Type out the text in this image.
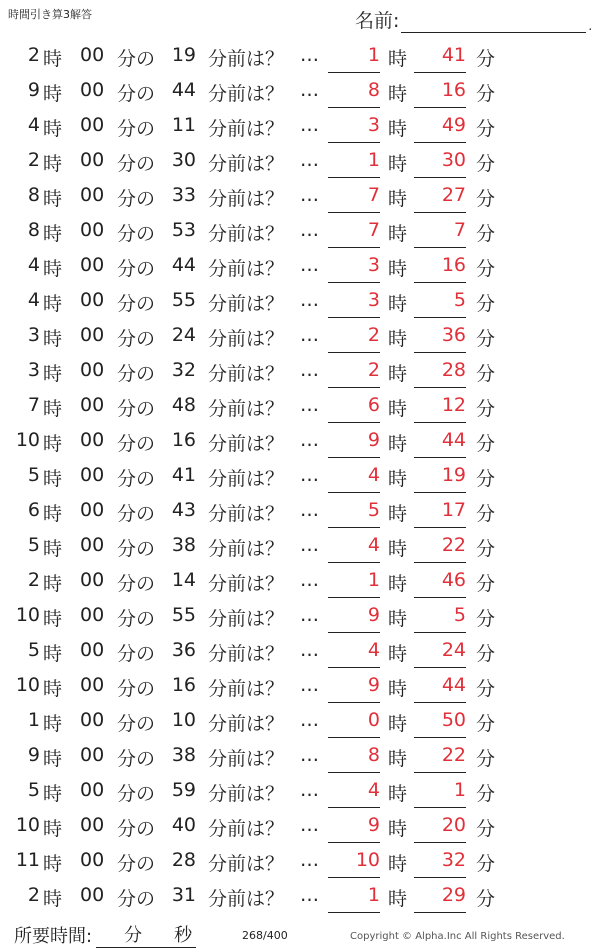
時間引き算3解答	名前:	.
2 時 00 分の 19 分前は？ …	1 時	41 分
9 時 00 分の 44 分前は？ …	8 時	16 分
4 時 00 分の 11 分前は？ …	3 時	49 分
2 時 00 分の 30 分前は？ …	1 時	30 分
8 時 00 分の 33 分前は？ …	7 時	27 分
8 時 00 分の 53 分前は？ …	7 時	7 分
4 時 00 分の 44 分前は？ …	3 時	16 分
4 時 00 分の 55 分前は？ …	3 時	5 分
3 時 00 分の 24 分前は？ …	2 時	36 分
3 時 00 分の 32 分前は？ …	2 時	28 分
7 時 00 分の 48 分前は？ …	6 時	12 分
10 時 00 分の 16 分前は？ …	9 時	44 分
5 時 00 分の 41 分前は？ …	4 時	19 分
6 時 00 分の 43 分前は？ …	5 時	17 分
5 時 00 分の 38 分前は？ …	4 時	22 分
2 時 00 分の 14 分前は？ …	1 時	46 分
10 時 00 分の 55 分前は？ …	9 時	5 分
5 時 00 分の 36 分前は？ …	4 時	24 分
10 時 00 分の 16 分前は？ …	9 時	44 分
1 時 00 分の 10 分前は？ …	0 時	50 分
9 時 00 分の 38 分前は？ …	8 時	22 分
5 時 00 分の 59 分前は？ …	4 時	1 分
10 時 00 分の 40 分前は？ …	9 時	20 分
11 時 00 分の 28 分前は？ …	10 時	32 分
2 時 00 分の 31 分前は？ …	1 時	29 分
所要時間: 分 秒	268/400	Copyright © Alpha.Inc All Rights Reserved.
